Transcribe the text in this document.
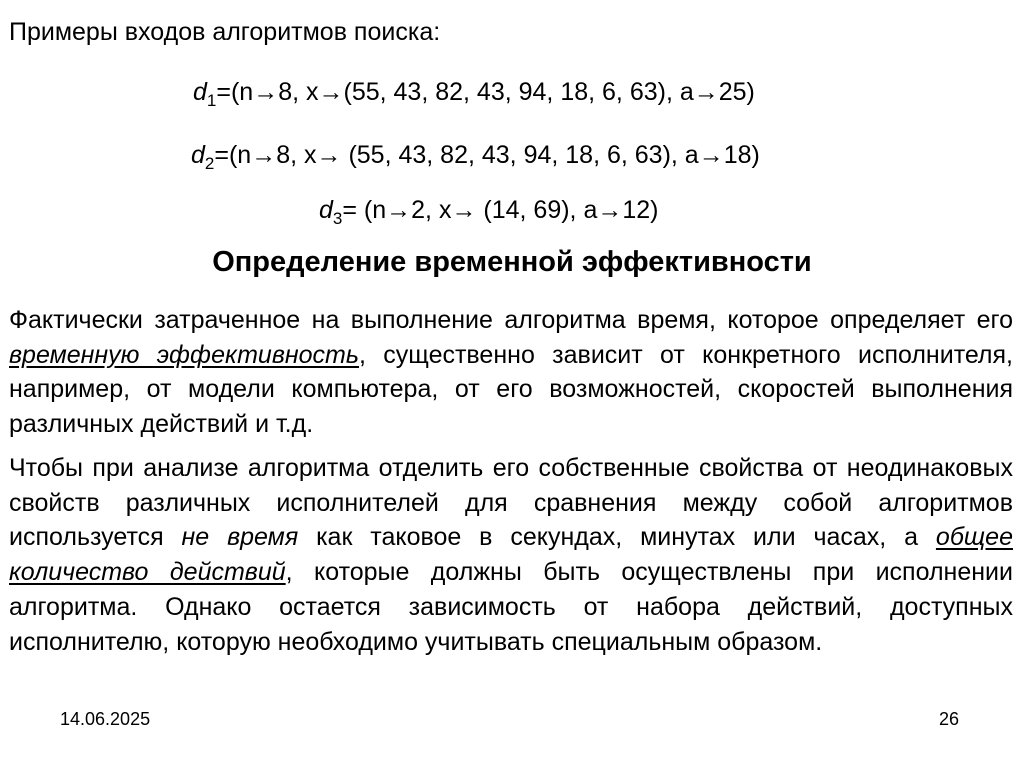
Примеры входов алгоритмов поиска:

$d_1=(n\to 8$, x→(55, 43, 82, 43, 94, 18, 6, 63), a→25)
$d_2=(n\to 8$, x→ (55, 43, 82, 43, 94, 18, 6, 63), a→18)
$d_3= (n\to 2$, x→ (14, 69), a→12)
Определение временной эффективности

Фактически затраченное на выполнение алгоритма время, которое определяет его временную эффективность, существенно зависит от конкретного исполнителя, например, от модели компьютера, от его возможностей, скоростей выполнения различных действий и т.д.

Чтобы при анализе алгоритма отделить его собственные свойства от неодинаковых свойств различных исполнителей для сравнения между собой алгоритмов используется не время как таковое в секундах, минутах или часах, а общее количество действий, которые должны быть осуществлены при исполнении алгоритма. Однако остается зависимость от набора действий, доступных исполнителю, которую необходимо учитывать специальным образом.

14.06.2025	26
